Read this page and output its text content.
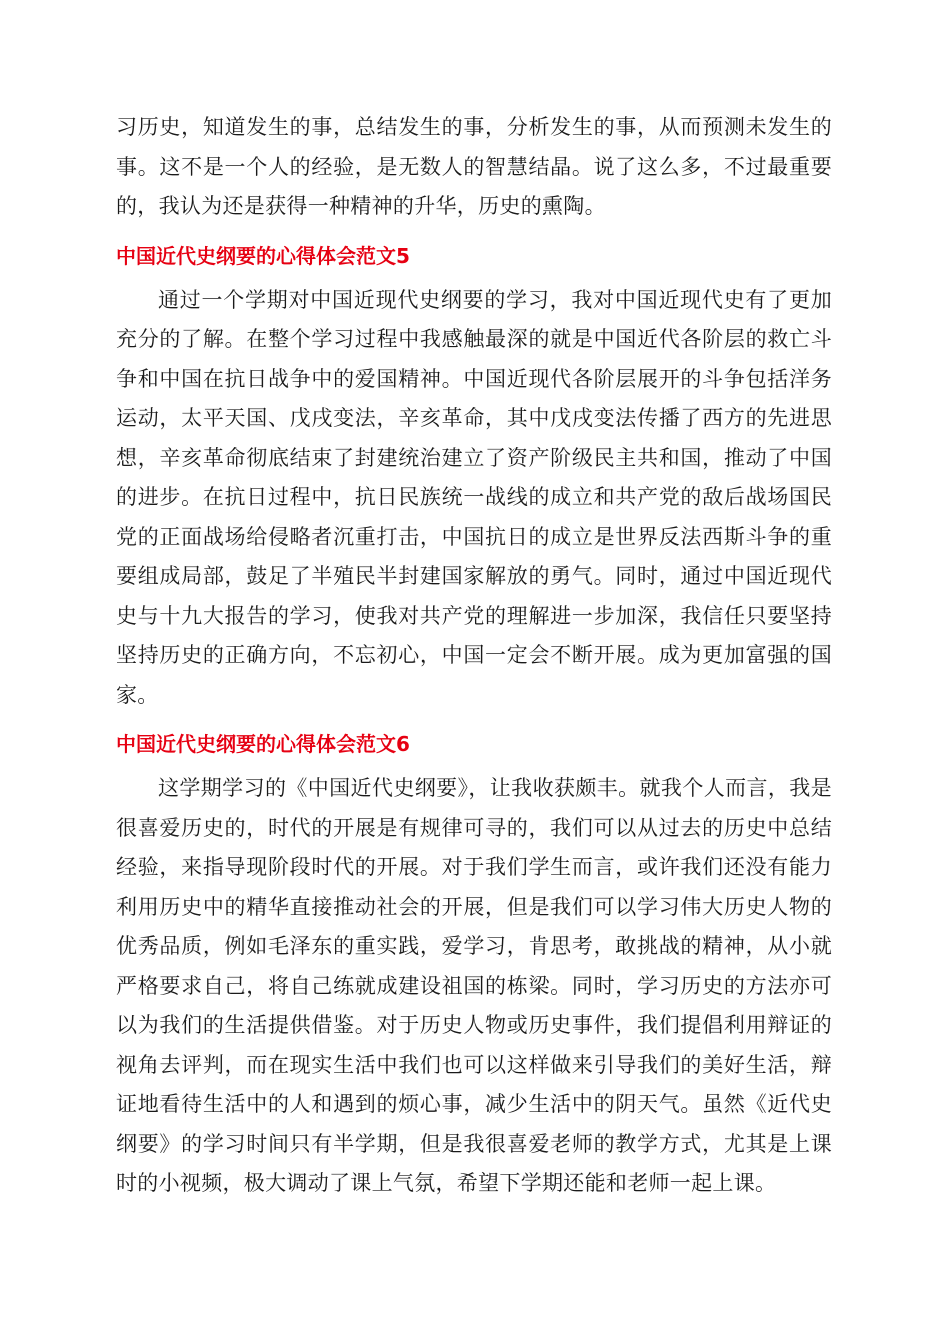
习历史，知道发生的事，总结发生的事，分析发生的事，从而预测未发生的事。这不是一个人的经验，是无数人的智慧结晶。说了这么多，不过最重要的，我认为还是获得一种精神的升华，历史的熏陶。

中国近代史纲要的心得体会范文5

通过一个学期对中国近现代史纲要的学习，我对中国近现代史有了更加充分的了解。在整个学习过程中我感触最深的就是中国近代各阶层的救亡斗争和中国在抗日战争中的爱国精神。中国近现代各阶层展开的斗争包括洋务运动，太平天国、戊戌变法，辛亥革命，其中戊戌变法传播了西方的先进思想，辛亥革命彻底结束了封建统治建立了资产阶级民主共和国，推动了中国的进步。在抗日过程中，抗日民族统一战线的成立和共产党的敌后战场国民党的正面战场给侵略者沉重打击，中国抗日的成立是世界反法西斯斗争的重要组成局部，鼓足了半殖民半封建国家解放的勇气。同时，通过中国近现代史与十九大报告的学习，使我对共产党的理解进一步加深，我信任只要坚持坚持历史的正确方向，不忘初心，中国一定会不断开展。成为更加富强的国家。

中国近代史纲要的心得体会范文6

这学期学习的《中国近代史纲要》，让我收获颇丰。就我个人而言，我是很喜爱历史的，时代的开展是有规律可寻的，我们可以从过去的历史中总结经验，来指导现阶段时代的开展。对于我们学生而言，或许我们还没有能力利用历史中的精华直接推动社会的开展，但是我们可以学习伟大历史人物的优秀品质，例如毛泽东的重实践，爱学习，肯思考，敢挑战的精神，从小就严格要求自己，将自己练就成建设祖国的栋梁。同时，学习历史的方法亦可以为我们的生活提供借鉴。对于历史人物或历史事件，我们提倡利用辩证的视角去评判，而在现实生活中我们也可以这样做来引导我们的美好生活，辩证地看待生活中的人和遇到的烦心事，减少生活中的阴天气。虽然《近代史纲要》的学习时间只有半学期，但是我很喜爱老师的教学方式，尤其是上课时的小视频，极大调动了课上气氛，希望下学期还能和老师一起上课。
